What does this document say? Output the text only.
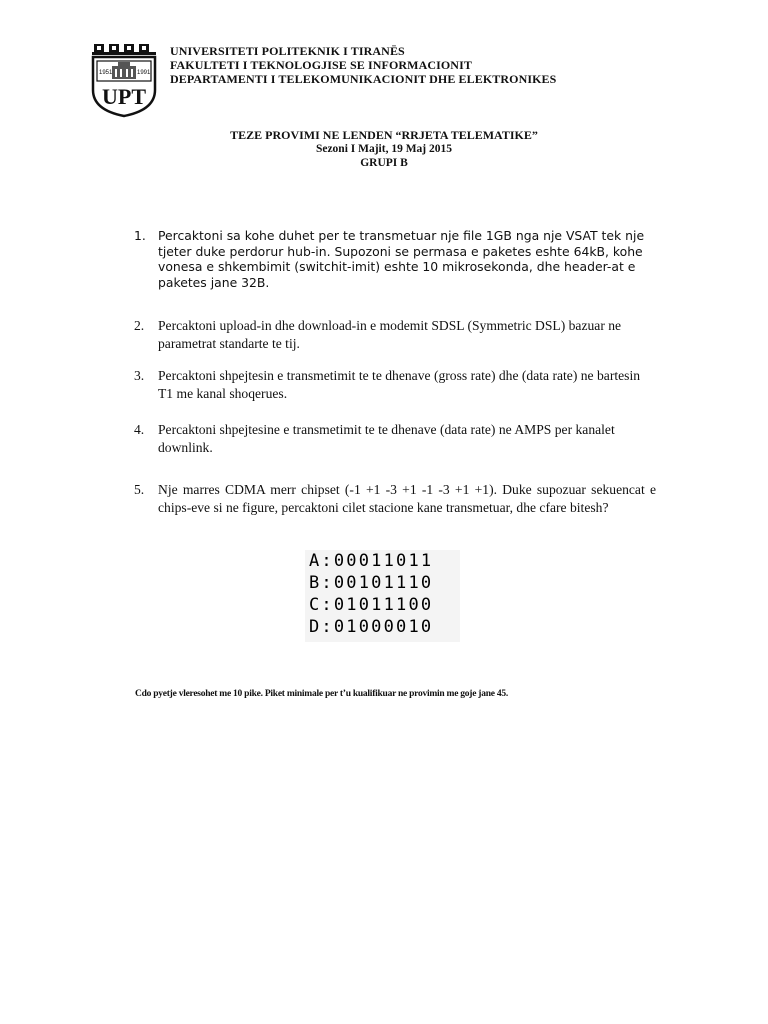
1951	1991
UPT
UNIVERSITETI POLITEKNIK I TIRANËS
FAKULTETI I TEKNOLOGJISE SE INFORMACIONIT
DEPARTAMENTI I TELEKOMUNIKACIONIT DHE ELEKTRONIKES
TEZE PROVIMI NE LENDEN “RRJETA TELEMATIKE”
Sezoni I Majit, 19 Maj 2015
GRUPI B
1. Percaktoni sa kohe duhet per te transmetuar nje file 1GB nga nje VSAT tek nje tjeter duke perdorur hub-in. Supozoni se permasa e paketes eshte 64kB, kohe vonesa e shkembimit (switchit-imit) eshte 10 mikrosekonda, dhe header-at e paketes jane 32B.
2. Percaktoni upload-in dhe download-in e modemit SDSL (Symmetric DSL) bazuar ne parametrat standarte te tij.
3. Percaktoni shpejtesin e transmetimit te te dhenave (gross rate) dhe (data rate) ne bartesin T1 me kanal shoqerues.
4. Percaktoni shpejtesine e transmetimit te te dhenave (data rate) ne AMPS per kanalet downlink.
5. Nje marres CDMA merr chipset (-1 +1 -3 +1 -1 -3 +1 +1). Duke supozuar sekuencat e chips-eve si ne figure, percaktoni cilet stacione kane transmetuar, dhe cfare bitesh?
A:00011011
B:00101110
C:01011100
D:01000010
Cdo pyetje vleresohet me 10 pike. Piket minimale per t’u kualifikuar ne provimin me goje jane 45.
